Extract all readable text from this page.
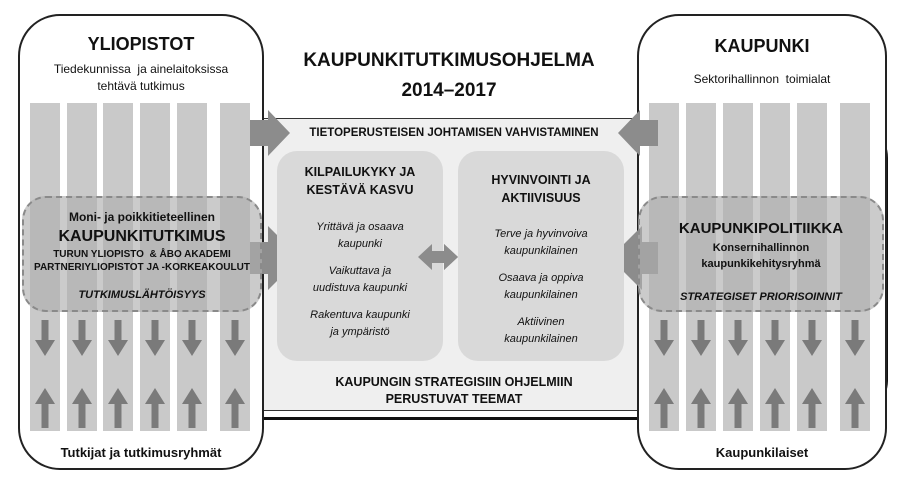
YLIOPISTOT
Tiedekunnissa  ja ainelaitoksissa
tehtävä tutkimus
Tutkijat ja tutkimusryhmät
KAUPUNKI
Sektorihallinnon  toimialat
Kaupunkilaiset
Moni- ja poikkitieteellinen
KAUPUNKITUTKIMUS
TURUN YLIOPISTO  & ÅBO AKADEMI
PARTNERIYLIOPISTOT JA -KORKEAKOULUT
TUTKIMUSLÄHTÖISYYS
KAUPUNKIPOLITIIKKA
Konsernihallinnon
kaupunkikehitysryhmä
STRATEGISET PRIORISOINNIT
KAUPUNKITUTKIMUSOHJELMA
2014–2017
TIETOPERUSTEISEN JOHTAMISEN VAHVISTAMINEN
KILPAILUKYKY JA
KESTÄVÄ KASVU
Yrittävä ja osaava
kaupunki
Vaikuttava ja
uudistuva kaupunki
Rakentuva kaupunki
ja ympäristö
HYVINVOINTI JA
AKTIIVISUUS
Terve ja hyvinvoiva
kaupunkilainen
Osaava ja oppiva
kaupunkilainen
Aktiivinen
kaupunkilainen
KAUPUNGIN STRATEGISIIN OHJELMIIN
PERUSTUVAT TEEMAT
